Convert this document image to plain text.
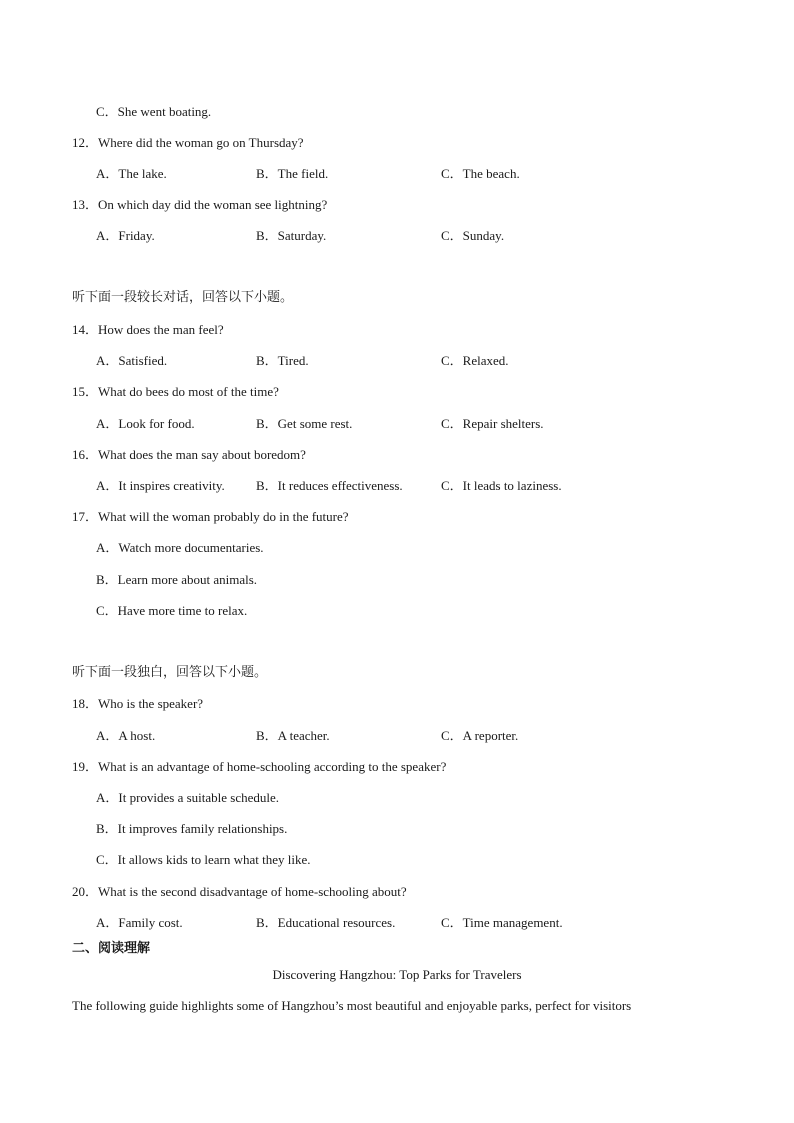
C．She went boating.
12．Where did the woman go on Thursday?
A．The lake.	B．The field.	C．The beach.
13．On which day did the woman see lightning?
A．Friday.	B．Saturday.	C．Sunday.
听下面一段较长对话，回答以下小题。
14．How does the man feel?
A．Satisfied.	B．Tired.	C．Relaxed.
15．What do bees do most of the time?
A．Look for food.	B．Get some rest.	C．Repair shelters.
16．What does the man say about boredom?
A．It inspires creativity. B．It reduces effectiveness.	C．It leads to laziness.
17．What will the woman probably do in the future?
A．Watch more documentaries.
B．Learn more about animals.
C．Have more time to relax.
听下面一段独白，回答以下小题。
18．Who is the speaker?
A．A host.	B．A teacher.	C．A reporter.
19．What is an advantage of home-schooling according to the speaker?
A．It provides a suitable schedule.
B．It improves family relationships.
C．It allows kids to learn what they like.
20．What is the second disadvantage of home-schooling about?
A．Family cost.	B．Educational resources.	C．Time management.
二、阅读理解
Discovering Hangzhou: Top Parks for Travelers
The following guide highlights some of Hangzhou’s most beautiful and enjoyable parks, perfect for visitors
